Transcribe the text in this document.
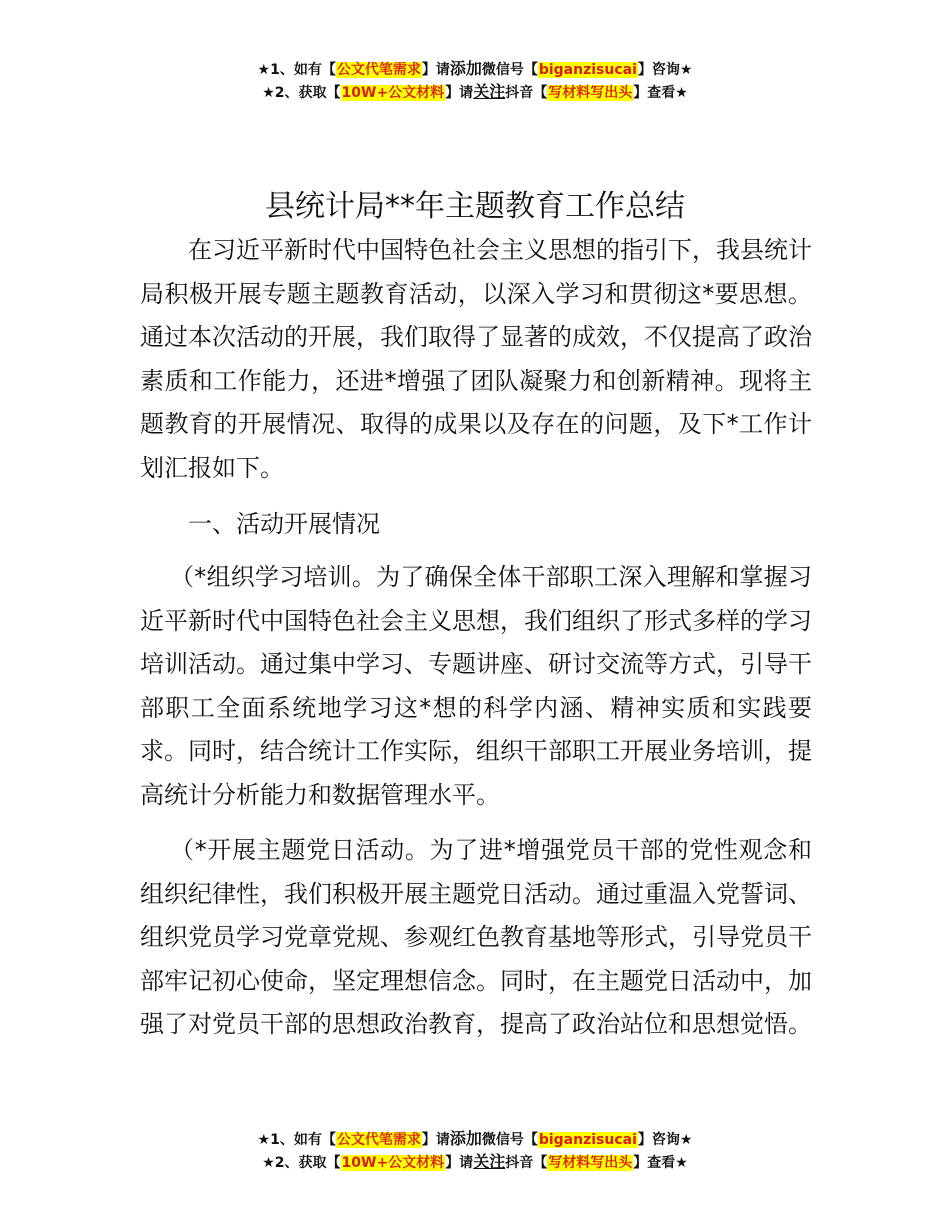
★1、如有【公文代笔需求】请添加微信号【biganzisucai】咨询★
★2、获取【10W+公文材料】请关注抖音【写材料写出头】查看★
县统计局**年主题教育工作总结

在习近平新时代中国特色社会主义思想的指引下，我县统计局积极开展专题主题教育活动，以深入学习和贯彻这*要思想。通过本次活动的开展，我们取得了显著的成效，不仅提高了政治素质和工作能力，还进*增强了团队凝聚力和创新精神。现将主题教育的开展情况、取得的成果以及存在的问题，及下*工作计划汇报如下。

一、活动开展情况

（*组织学习培训。为了确保全体干部职工深入理解和掌握习近平新时代中国特色社会主义思想，我们组织了形式多样的学习培训活动。通过集中学习、专题讲座、研讨交流等方式，引导干部职工全面系统地学习这*想的科学内涵、精神实质和实践要求。同时，结合统计工作实际，组织干部职工开展业务培训，提高统计分析能力和数据管理水平。

（*开展主题党日活动。为了进*增强党员干部的党性观念和组织纪律性，我们积极开展主题党日活动。通过重温入党誓词、组织党员学习党章党规、参观红色教育基地等形式，引导党员干部牢记初心使命，坚定理想信念。同时，在主题党日活动中，加强了对党员干部的思想政治教育，提高了政治站位和思想觉悟。

★1、如有【公文代笔需求】请添加微信号【biganzisucai】咨询★
★2、获取【10W+公文材料】请关注抖音【写材料写出头】查看★
